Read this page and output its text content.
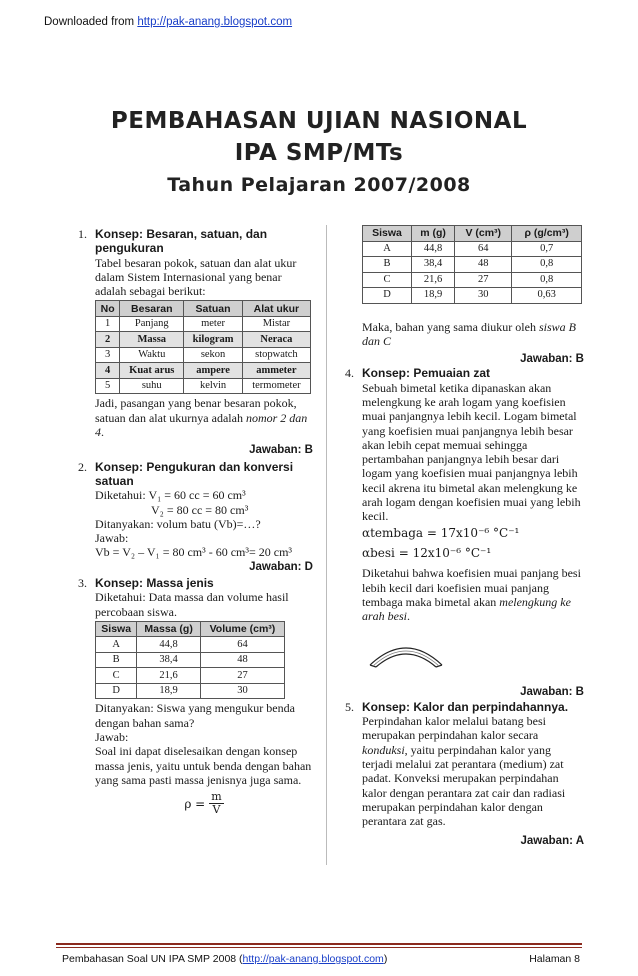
Downloaded from http://pak-anang.blogspot.com
PEMBAHASAN UJIAN NASIONAL
IPA SMP/MTs
Tahun Pelajaran 2007/2008
1. Konsep: Besaran, satuan, dan pengukuran

Tabel besaran pokok, satuan dan alat ukur dalam Sistem Internasional yang benar adalah sebagai berikut:

No	Besaran	Satuan	Alat ukur
1	Panjang	meter	Mistar
2	Massa	kilogram	Neraca
3	Waktu	sekon	stopwatch
4	Kuat arus	ampere	ammeter
5	suhu	kelvin	termometer

Jadi, pasangan yang benar besaran pokok, satuan dan alat ukurnya adalah nomor 2 dan 4.

Jawaban: B

2. Konsep: Pengukuran dan konversi satuan

Diketahui: V₁ = 60 cc = 60 cm³

V₂ = 80 cc = 80 cm³

Ditanyakan: volum batu (Vb)=…?

Jawab:

Vb = V₂ – V₁ = 80 cm³ - 60 cm³= 20 cm³

Jawaban: D

3. Konsep: Massa jenis

Diketahui: Data massa dan volume hasil percobaan siswa.

Siswa	Massa (g)	Volume (cm³)
A	44,8	64
B	38,4	48
C	21,6	27
D	18,9	30

Ditanyakan: Siswa yang mengukur benda dengan bahan sama?

Jawab:

Soal ini dapat diselesaikan dengan konsep massa jenis, yaitu untuk benda dengan bahan yang sama pasti massa jenisnya juga sama.

$\rho = \frac{m}{V}$
Siswa	m (g)	V (cm³)	ρ (g/cm³)
A	44,8	64	0,7
B	38,4	48	0,8
C	21,6	27	0,8
D	18,9	30	0,63

Maka, bahan yang sama diukur oleh siswa B dan C

Jawaban: B

4. Konsep: Pemuaian zat

Sebuah bimetal ketika dipanaskan akan melengkung ke arah logam yang koefisien muai panjangnya lebih kecil. Logam bimetal yang koefisien muai panjangnya lebih besar akan lebih cepat memuai sehingga pertambahan panjangnya lebih besar dari logam yang koefisien muai panjangnya lebih kecil akrena itu bimetal akan melengkung ke arah logam dengan koefisien muai yang lebih kecil.

αtembaga = 17x10⁻⁶ °C⁻¹

αbesi = 12x10⁻⁶ °C⁻¹

Diketahui bahwa koefisien muai panjang besi lebih kecil dari koefisien muai panjang tembaga maka bimetal akan melengkung ke arah besi.

Jawaban: B

5. Konsep: Kalor dan perpindahannya.

Perpindahan kalor melalui batang besi merupakan perpindahan kalor secara konduksi, yaitu perpindahan kalor yang terjadi melalui zat perantara (medium) zat padat. Konveksi merupakan perpindahan kalor dengan perantara zat cair dan radiasi merupakan perpindahan kalor dengan perantara zat gas.

Jawaban: A

Pembahasan Soal UN IPA SMP 2008 (http://pak-anang.blogspot.com)	Halaman 8
